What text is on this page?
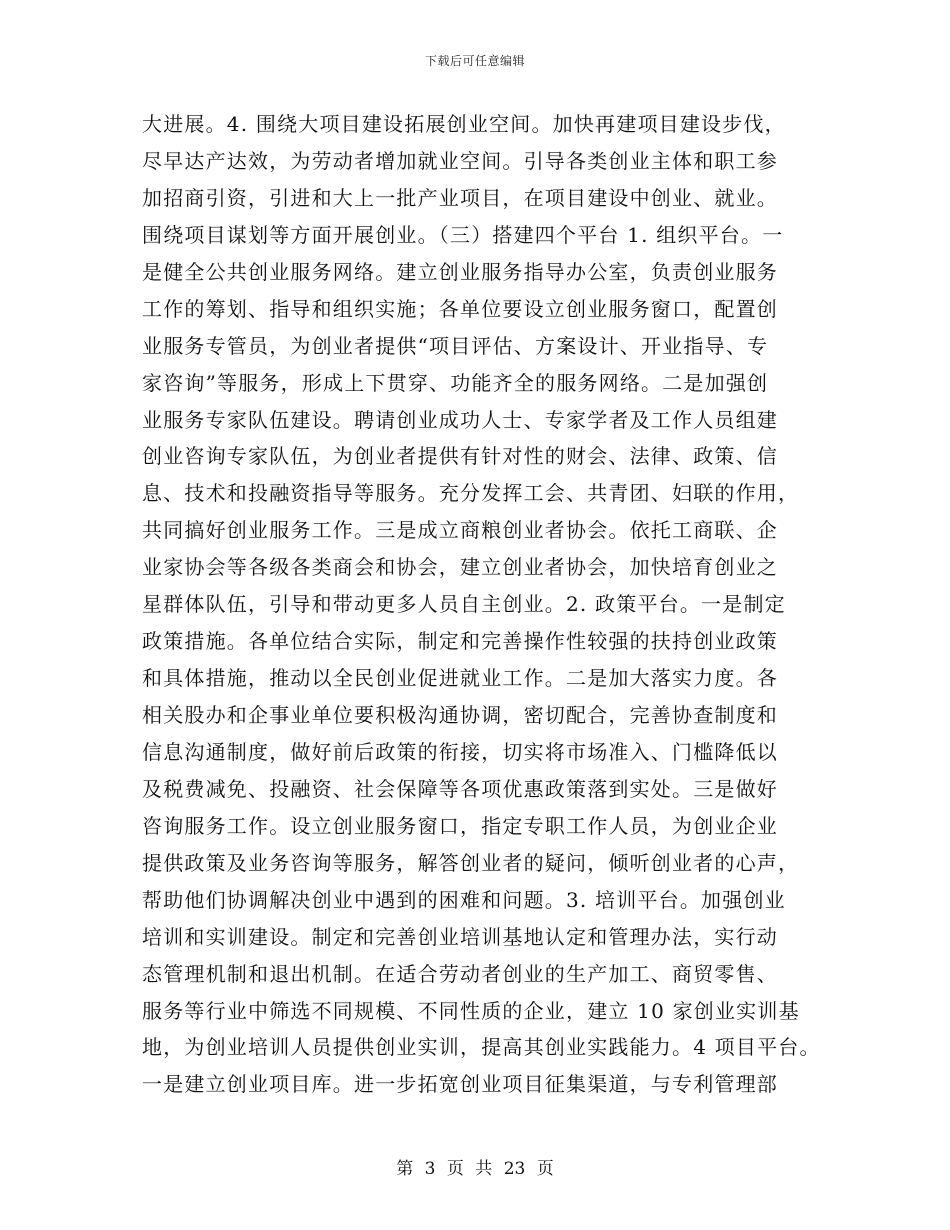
下载后可任意编辑
大进展。4. 围绕大项目建设拓展创业空间。加快再建项目建设步伐，
尽早达产达效，为劳动者增加就业空间。引导各类创业主体和职工参
加招商引资，引进和大上一批产业项目，在项目建设中创业、就业。
围绕项目谋划等方面开展创业。（三）搭建四个平台 1. 组织平台。一
是健全公共创业服务网络。建立创业服务指导办公室，负责创业服务
工作的筹划、指导和组织实施；各单位要设立创业服务窗口，配置创
业服务专管员，为创业者提供“项目评估、方案设计、开业指导、专
家咨询”等服务，形成上下贯穿、功能齐全的服务网络。二是加强创
业服务专家队伍建设。聘请创业成功人士、专家学者及工作人员组建
创业咨询专家队伍，为创业者提供有针对性的财会、法律、政策、信
息、技术和投融资指导等服务。充分发挥工会、共青团、妇联的作用，
共同搞好创业服务工作。三是成立商粮创业者协会。依托工商联、企
业家协会等各级各类商会和协会，建立创业者协会，加快培育创业之
星群体队伍，引导和带动更多人员自主创业。2. 政策平台。一是制定
政策措施。各单位结合实际，制定和完善操作性较强的扶持创业政策
和具体措施，推动以全民创业促进就业工作。二是加大落实力度。各
相关股办和企事业单位要积极沟通协调，密切配合，完善协查制度和
信息沟通制度，做好前后政策的衔接，切实将市场准入、门槛降低以
及税费减免、投融资、社会保障等各项优惠政策落到实处。三是做好
咨询服务工作。设立创业服务窗口，指定专职工作人员，为创业企业
提供政策及业务咨询等服务，解答创业者的疑问，倾听创业者的心声，
帮助他们协调解决创业中遇到的困难和问题。3. 培训平台。加强创业
培训和实训建设。制定和完善创业培训基地认定和管理办法，实行动
态管理机制和退出机制。在适合劳动者创业的生产加工、商贸零售、
服务等行业中筛选不同规模、不同性质的企业，建立 10 家创业实训基
地，为创业培训人员提供创业实训，提高其创业实践能力。4 项目平台。
一是建立创业项目库。进一步拓宽创业项目征集渠道，与专利管理部
第 3 页 共 23 页
